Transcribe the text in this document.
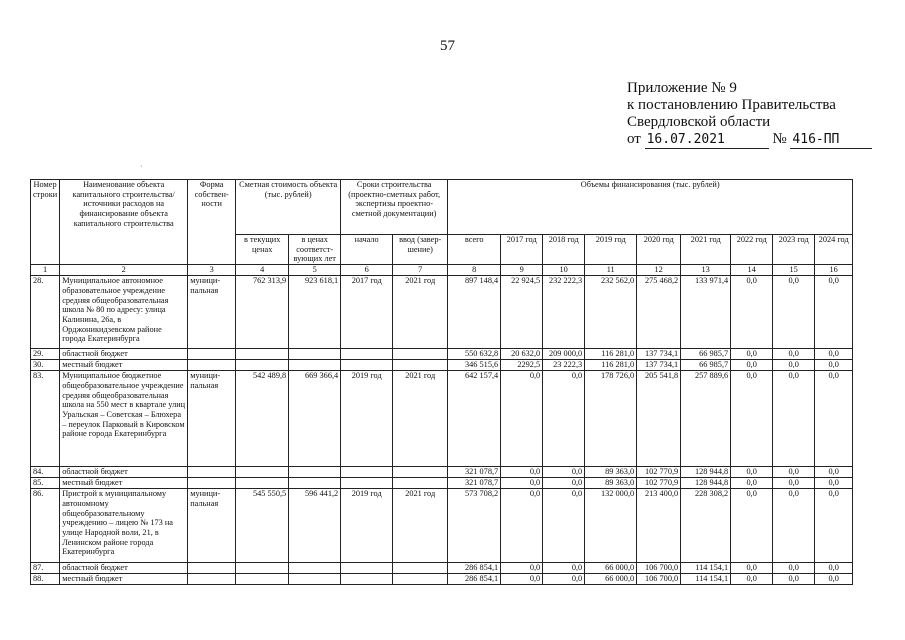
57
Приложение № 9
к постановлению Правительства
Свердловской области
от 16.07.2021	№ 416-ПП
·
Номер строки	Наименование объекта капитального строительства/ источники расходов на финансирование объекта капитального строительства	Форма собствен-ности	Сметная стоимость объекта (тыс. рублей)		Сроки строительства (проектно-сметных работ, экспертизы проектно-сметной документации)		Объемы финансирования (тыс. рублей)								
			в текущих ценах	в ценах соответст-вующих лет	начало	ввод (завер-шение)	всего	2017 год	2018 год	2019 год	2020 год	2021 год	2022 год	2023 год	2024 год
1	2	3	4	5	6	7	8	9	10	11	12	13	14	15	16
28.	Муниципальное автономное образовательное учреждение средняя общеобразовательная школа № 80 по адресу: улица Калинина, 26а, в Орджоникидзевском районе города Екатеринбурга	муници-пальная	762 313,9	923 618,1	2017 год	2021 год	897 148,4	22 924,5	232 222,3	232 562,0	275 468,2	133 971,4	0,0	0,0	0,0
29.	областной бюджет						550 632,8	20 632,0	209 000,0	116 281,0	137 734,1	66 985,7	0,0	0,0	0,0
30.	местный бюджет						346 515,6	2292,5	23 222,3	116 281,0	137 734,1	66 985,7	0,0	0,0	0,0
83.	Муниципальное бюджетное общеобразовательное учреждение средняя общеобразовательная школа на 550 мест в квартале улиц Уральская – Советская – Блюхера – переулок Парковый в Кировском районе города Екатеринбурга	муници-пальная	542 489,8	669 366,4	2019 год	2021 год	642 157,4	0,0	0,0	178 726,0	205 541,8	257 889,6	0,0	0,0	0,0
84.	областной бюджет						321 078,7	0,0	0,0	89 363,0	102 770,9	128 944,8	0,0	0,0	0,0
85.	местный бюджет						321 078,7	0,0	0,0	89 363,0	102 770,9	128 944,8	0,0	0,0	0,0
86.	Пристрой к муниципальному автономному общеобразовательному учреждению – лицею № 173 на улице Народной воли, 21, в Ленинском районе города Екатеринбурга	муници-пальная	545 550,5	596 441,2	2019 год	2021 год	573 708,2	0,0	0,0	132 000,0	213 400,0	228 308,2	0,0	0,0	0,0
87.	областной бюджет						286 854,1	0,0	0,0	66 000,0	106 700,0	114 154,1	0,0	0,0	0,0
88.	местный бюджет						286 854,1	0,0	0,0	66 000,0	106 700,0	114 154,1	0,0	0,0	0,0
